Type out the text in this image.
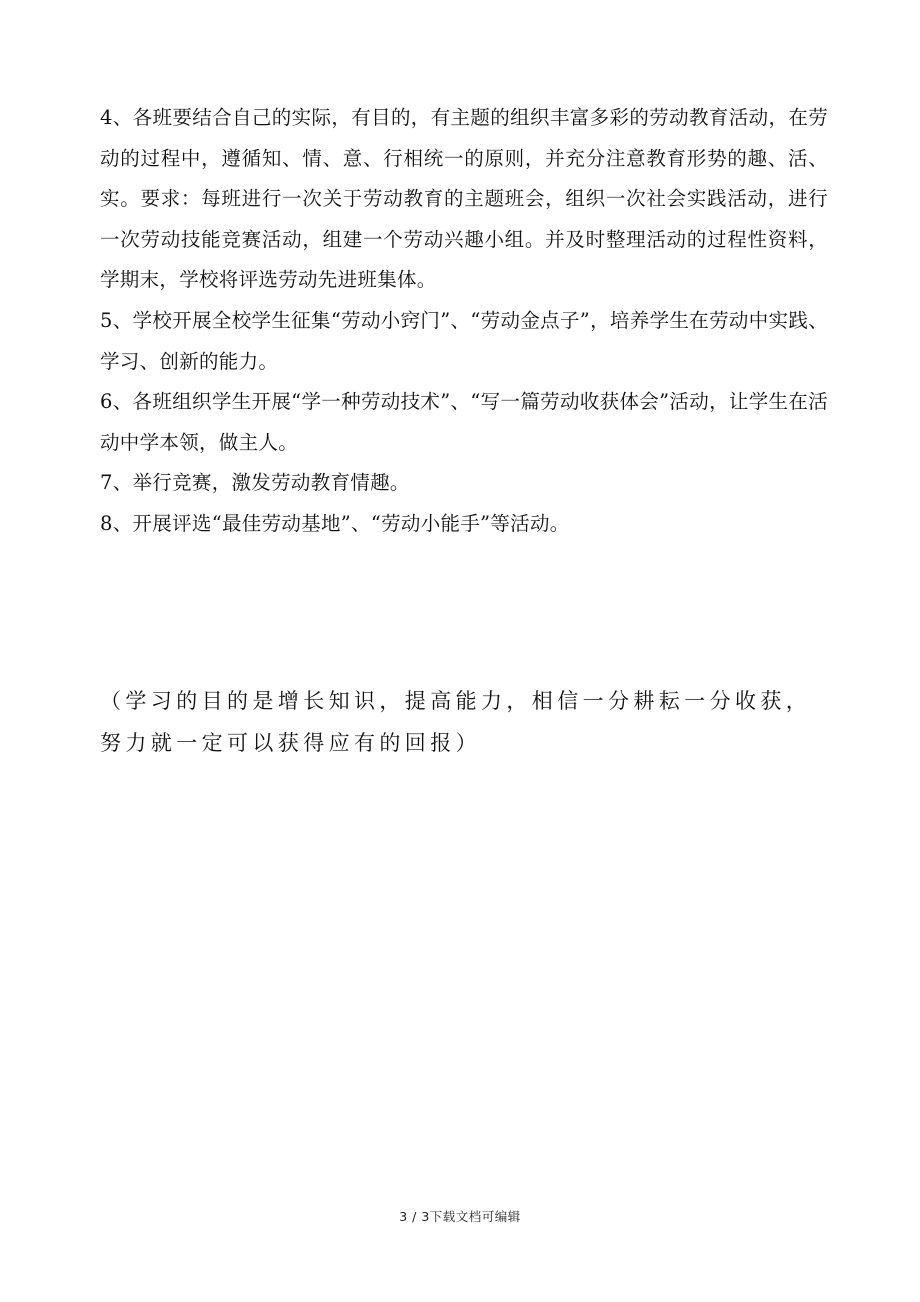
4、各班要结合自己的实际，有目的，有主题的组织丰富多彩的劳动教育活动，在劳动的过程中，遵循知、情、意、行相统一的原则，并充分注意教育形势的趣、活、实。要求：每班进行一次关于劳动教育的主题班会，组织一次社会实践活动，进行一次劳动技能竞赛活动，组建一个劳动兴趣小组。并及时整理活动的过程性资料，学期末，学校将评选劳动先进班集体。

5、学校开展全校学生征集“劳动小窍门”、“劳动金点子”，培养学生在劳动中实践、学习、创新的能力。

6、各班组织学生开展“学一种劳动技术”、“写一篇劳动收获体会”活动，让学生在活动中学本领，做主人。

7、举行竞赛，激发劳动教育情趣。

8、开展评选“最佳劳动基地”、“劳动小能手”等活动。

（学习的目的是增长知识，提高能力，相信一分耕耘一分收获，努力就一定可以获得应有的回报）

3 / 3下载文档可编辑
